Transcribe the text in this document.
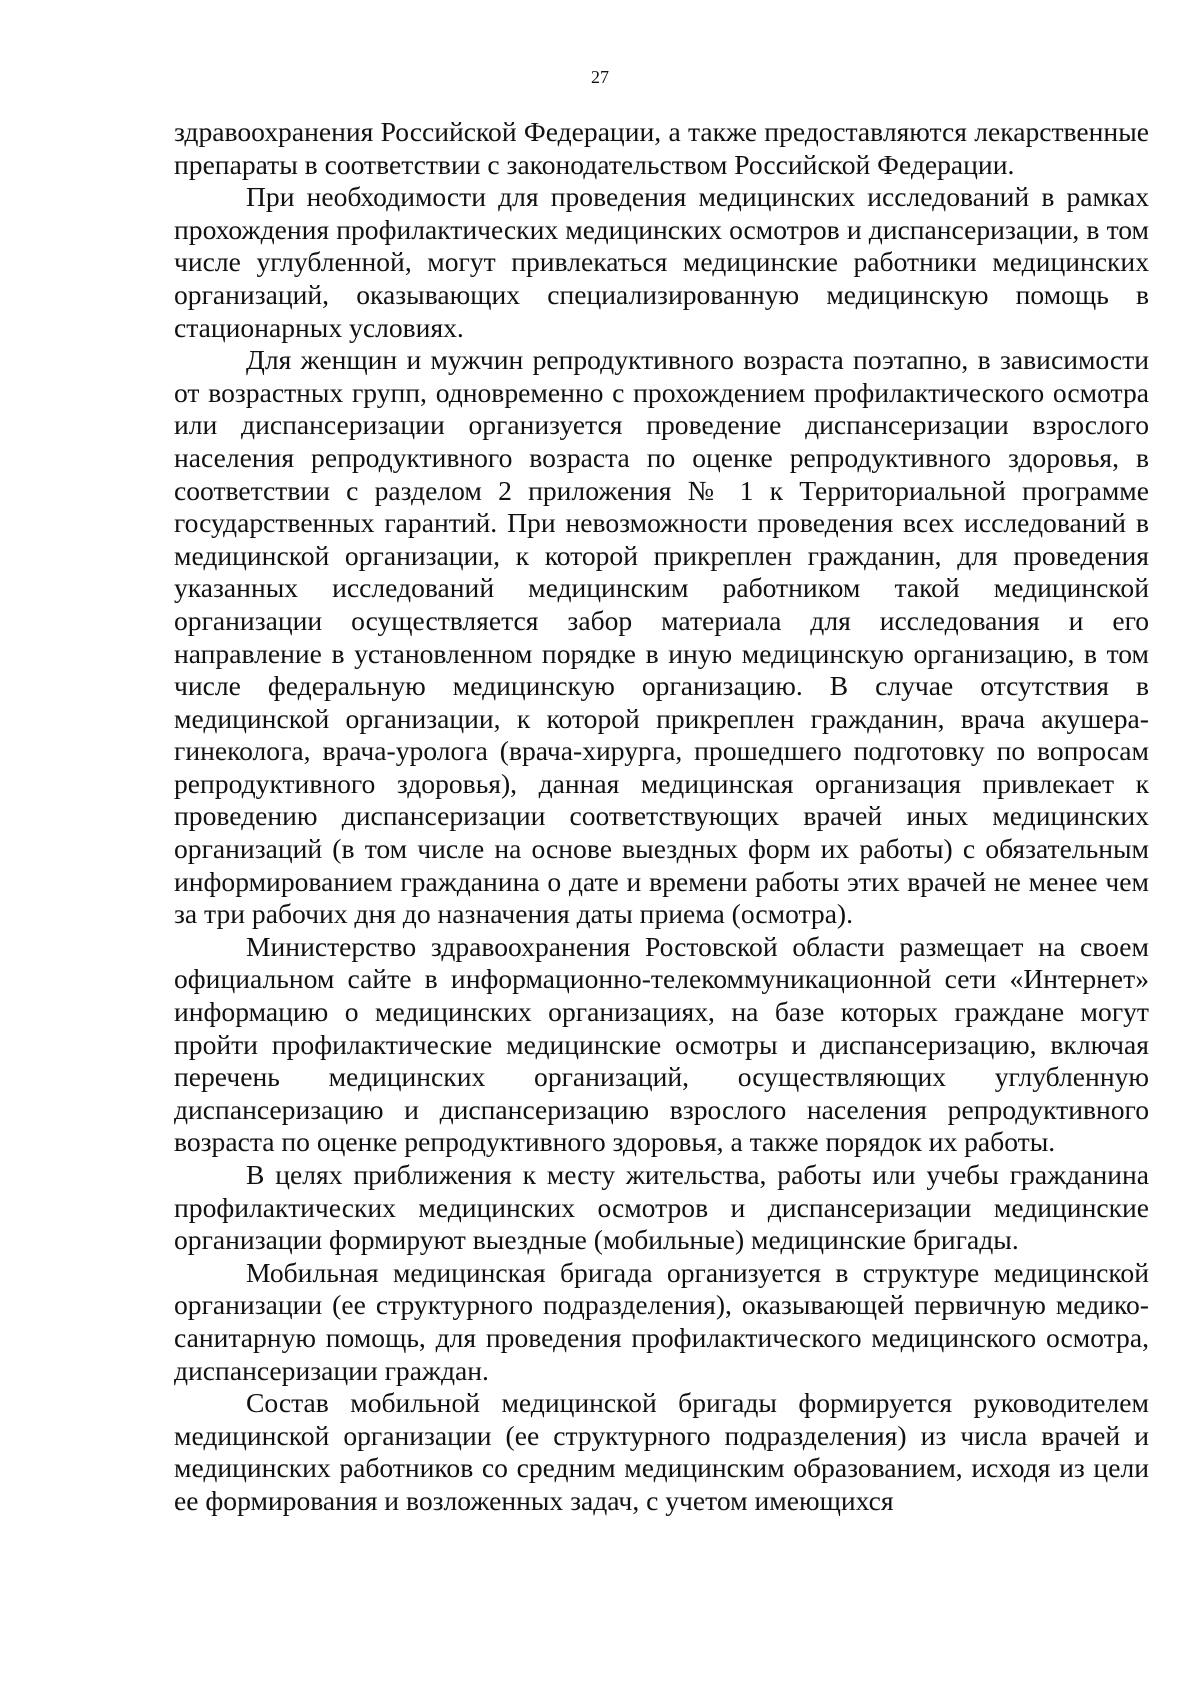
27

здравоохранения Российской Федерации, а также предоставляются лекарственные препараты в соответствии с законодательством Российской Федерации.

При необходимости для проведения медицинских исследований в рамках прохождения профилактических медицинских осмотров и диспансеризации, в том числе углубленной, могут привлекаться медицинские работники медицинских организаций, оказывающих специализированную медицинскую помощь в стационарных условиях.

Для женщин и мужчин репродуктивного возраста поэтапно, в зависимости от возрастных групп, одновременно с прохождением профилактического осмотра или диспансеризации организуется проведение диспансеризации взрослого населения репродуктивного возраста по оценке репродуктивного здоровья, в соответствии с разделом 2 приложения № 1 к Территориальной программе государственных гарантий. При невозможности проведения всех исследований в медицинской организации, к которой прикреплен гражданин, для проведения указанных исследований медицинским работником такой медицинской организации осуществляется забор материала для исследования и его направление в установленном порядке в иную медицинскую организацию, в том числе федеральную медицинскую организацию. В случае отсутствия в медицинской организации, к которой прикреплен гражданин, врача акушера-гинеколога, врача-уролога (врача-хирурга, прошедшего подготовку по вопросам репродуктивного здоровья), данная медицинская организация привлекает к проведению диспансеризации соответствующих врачей иных медицинских организаций (в том числе на основе выездных форм их работы) с обязательным информированием гражданина о дате и времени работы этих врачей не менее чем за три рабочих дня до назначения даты приема (осмотра).

Министерство здравоохранения Ростовской области размещает на своем официальном сайте в информационно-телекоммуникационной сети «Интернет» информацию о медицинских организациях, на базе которых граждане могут пройти профилактические медицинские осмотры и диспансеризацию, включая перечень медицинских организаций, осуществляющих углубленную диспансеризацию и диспансеризацию взрослого населения репродуктивного возраста по оценке репродуктивного здоровья, а также порядок их работы.

В целях приближения к месту жительства, работы или учебы гражданина профилактических медицинских осмотров и диспансеризации медицинские организации формируют выездные (мобильные) медицинские бригады.

Мобильная медицинская бригада организуется в структуре медицинской организации (ее структурного подразделения), оказывающей первичную медико-санитарную помощь, для проведения профилактического медицинского осмотра, диспансеризации граждан.

Состав мобильной медицинской бригады формируется руководителем медицинской организации (ее структурного подразделения) из числа врачей и медицинских работников со средним медицинским образованием, исходя из цели ее формирования и возложенных задач, с учетом имеющихся
